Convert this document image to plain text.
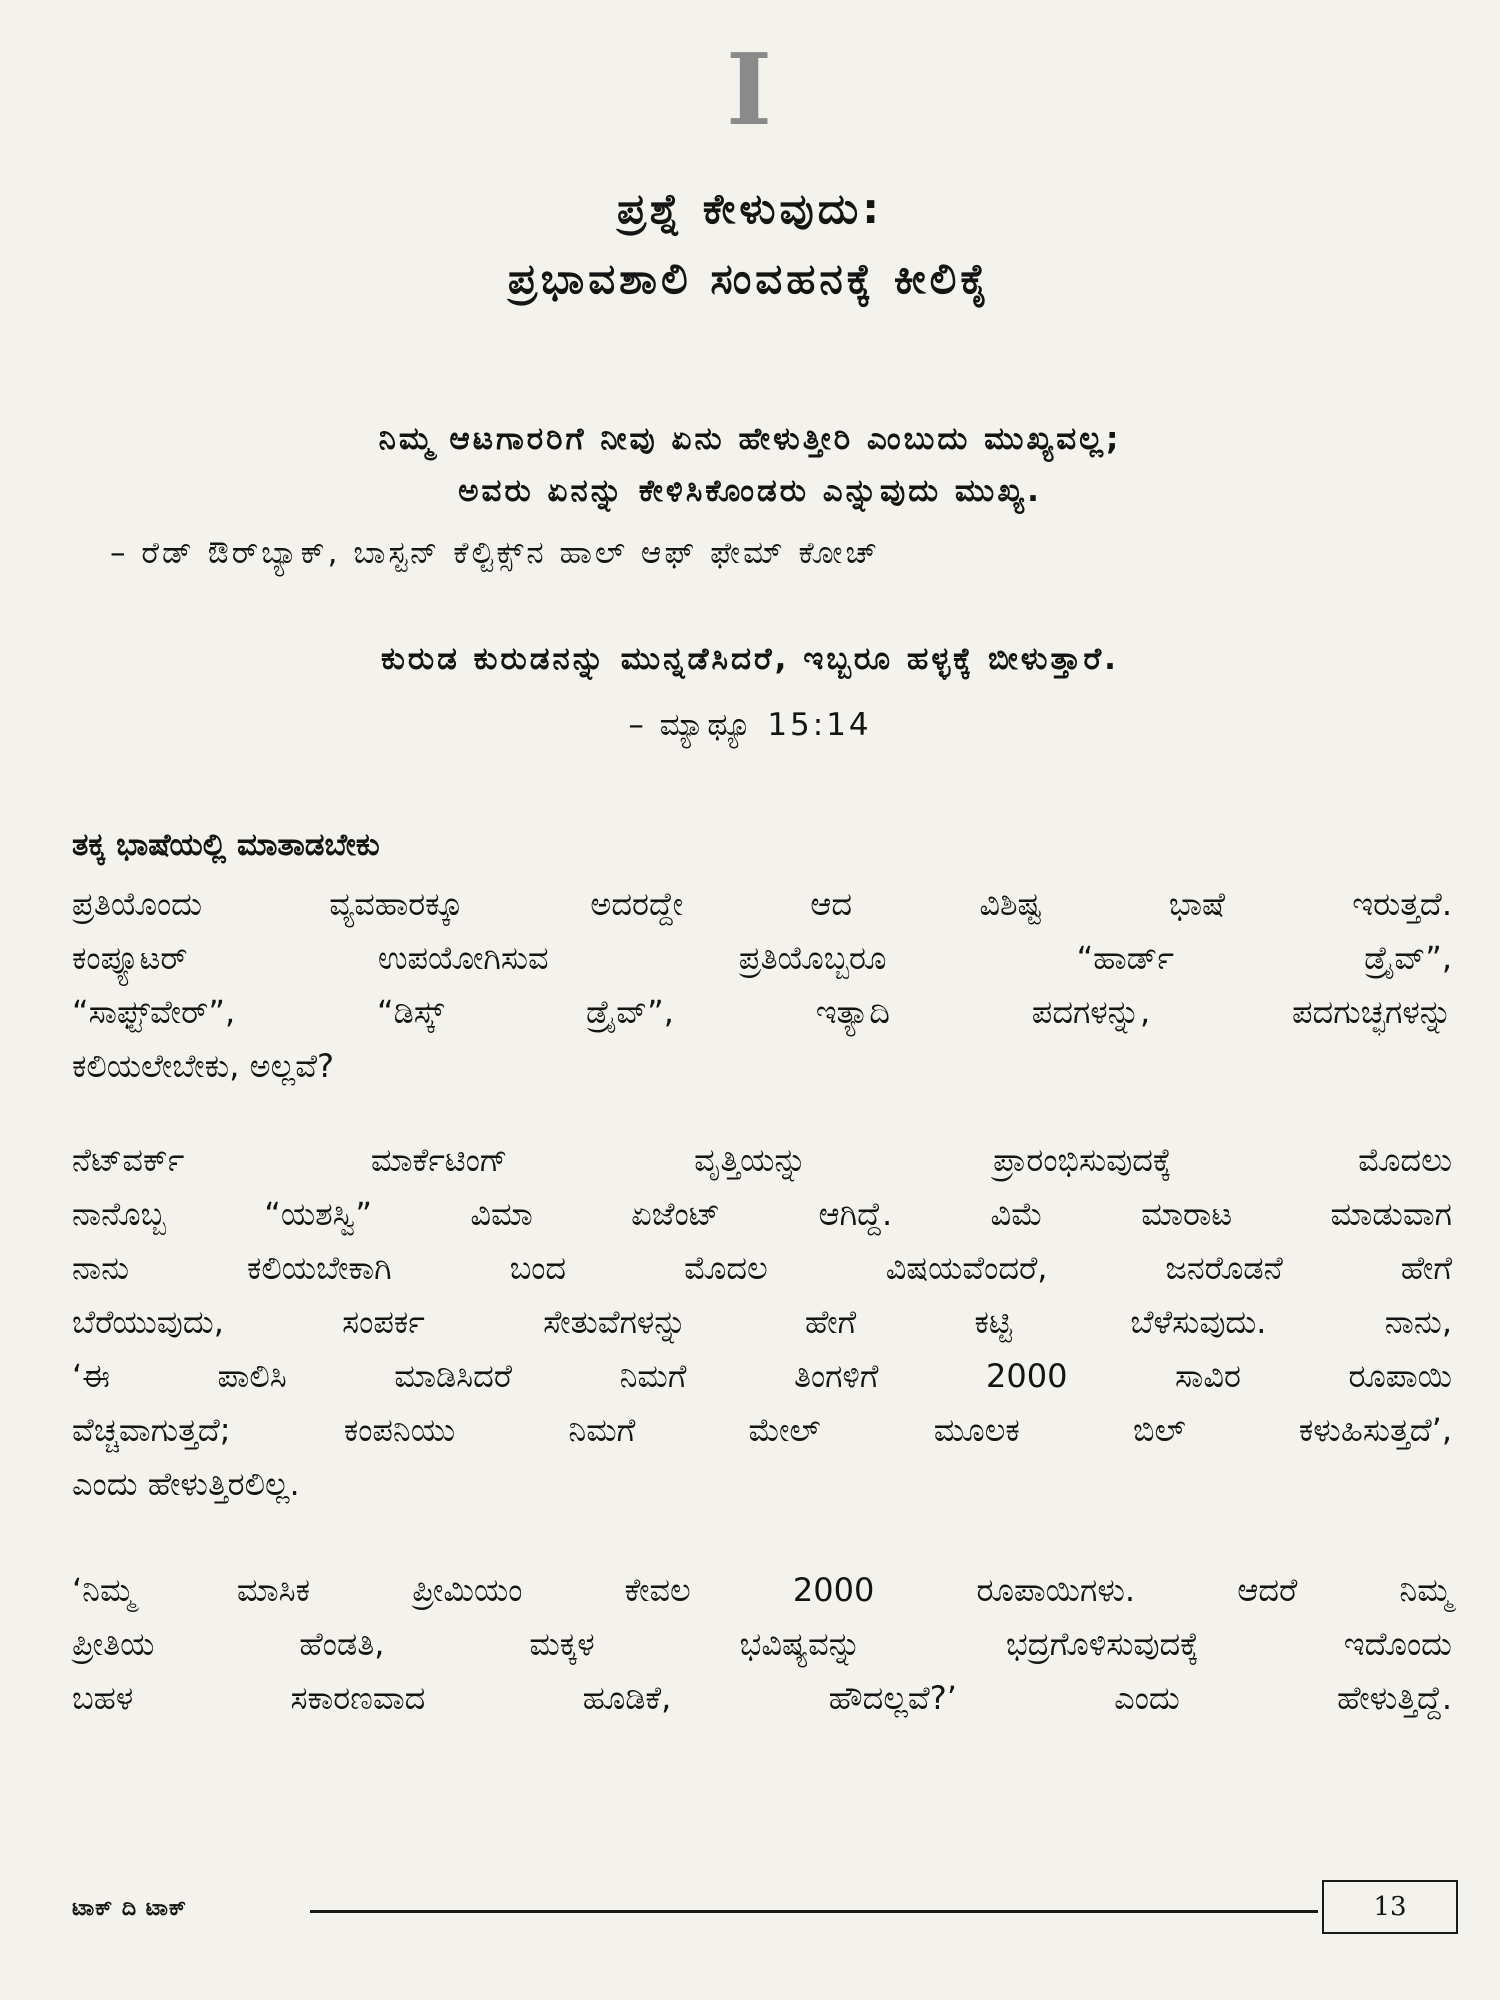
I
ಪ್ರಶ್ನೆ ಕೇಳುವುದು:
ಪ್ರಭಾವಶಾಲಿ ಸಂವಹನಕ್ಕೆ ಕೀಲಿಕೈ
ನಿಮ್ಮ ಆಟಗಾರರಿಗೆ ನೀವು ಏನು ಹೇಳುತ್ತೀರಿ ಎಂಬುದು ಮುಖ್ಯವಲ್ಲ;
ಅವರು ಏನನ್ನು ಕೇಳಿಸಿಕೊಂಡರು ಎನ್ನುವುದು ಮುಖ್ಯ.
– ರೆಡ್ ಔರ್‌ಬ್ಯಾಕ್, ಬಾಸ್ಟನ್ ಕೆಲ್ಟಿಕ್ಸ್‌ನ ಹಾಲ್ ಆಫ್ ಫೇಮ್ ಕೋಚ್
ಕುರುಡ ಕುರುಡನನ್ನು ಮುನ್ನಡೆಸಿದರೆ, ಇಬ್ಬರೂ ಹಳ್ಳಕ್ಕೆ ಬೀಳುತ್ತಾರೆ.
– ಮ್ಯಾಥ್ಯೂ 15:14
ತಕ್ಕ ಭಾಷೆಯಲ್ಲಿ ಮಾತಾಡಬೇಕು
ಪ್ರತಿಯೊಂದು ವ್ಯವಹಾರಕ್ಕೂ ಅದರದ್ದೇ ಆದ ವಿಶಿಷ್ಟ ಭಾಷೆ ಇರುತ್ತದೆ.
ಕಂಪ್ಯೂಟರ್ ಉಪಯೋಗಿಸುವ ಪ್ರತಿಯೊಬ್ಬರೂ “ಹಾರ್ಡ್ ಡ್ರೈವ್”,
“ಸಾಫ್ಟ್‌ವೇರ್”, “ಡಿಸ್ಕ್ ಡ್ರೈವ್”, ಇತ್ಯಾದಿ ಪದಗಳನ್ನು, ಪದಗುಚ್ಛಗಳನ್ನು
ಕಲಿಯಲೇಬೇಕು, ಅಲ್ಲವೆ?
ನೆಟ್‌ವರ್ಕ್ ಮಾರ್ಕೆಟಿಂಗ್ ವೃತ್ತಿಯನ್ನು ಪ್ರಾರಂಭಿಸುವುದಕ್ಕೆ ಮೊದಲು
ನಾನೊಬ್ಬ “ಯಶಸ್ವಿ” ವಿಮಾ ಏಜೆಂಟ್ ಆಗಿದ್ದೆ. ವಿಮೆ ಮಾರಾಟ ಮಾಡುವಾಗ
ನಾನು ಕಲಿಯಬೇಕಾಗಿ ಬಂದ ಮೊದಲ ವಿಷಯವೆಂದರೆ, ಜನರೊಡನೆ ಹೇಗೆ
ಬೆರೆಯುವುದು, ಸಂಪರ್ಕ ಸೇತುವೆಗಳನ್ನು ಹೇಗೆ ಕಟ್ಟಿ ಬೆಳೆಸುವುದು. ನಾನು,
‘ಈ ಪಾಲಿಸಿ ಮಾಡಿಸಿದರೆ ನಿಮಗೆ ತಿಂಗಳಿಗೆ 2000 ಸಾವಿರ ರೂಪಾಯಿ
ವೆಚ್ಚವಾಗುತ್ತದೆ; ಕಂಪನಿಯು ನಿಮಗೆ ಮೇಲ್ ಮೂಲಕ ಬಿಲ್ ಕಳುಹಿಸುತ್ತದೆ’,
ಎಂದು ಹೇಳುತ್ತಿರಲಿಲ್ಲ.
‘ನಿಮ್ಮ ಮಾಸಿಕ ಪ್ರೀಮಿಯಂ ಕೇವಲ 2000 ರೂಪಾಯಿಗಳು. ಆದರೆ ನಿಮ್ಮ
ಪ್ರೀತಿಯ ಹೆಂಡತಿ, ಮಕ್ಕಳ ಭವಿಷ್ಯವನ್ನು ಭದ್ರಗೊಳಿಸುವುದಕ್ಕೆ ಇದೊಂದು
ಬಹಳ ಸಕಾರಣವಾದ ಹೂಡಿಕೆ, ಹೌದಲ್ಲವೆ?’ ಎಂದು ಹೇಳುತ್ತಿದ್ದೆ.
ಟಾಕ್ ದಿ ಟಾಕ್	13
